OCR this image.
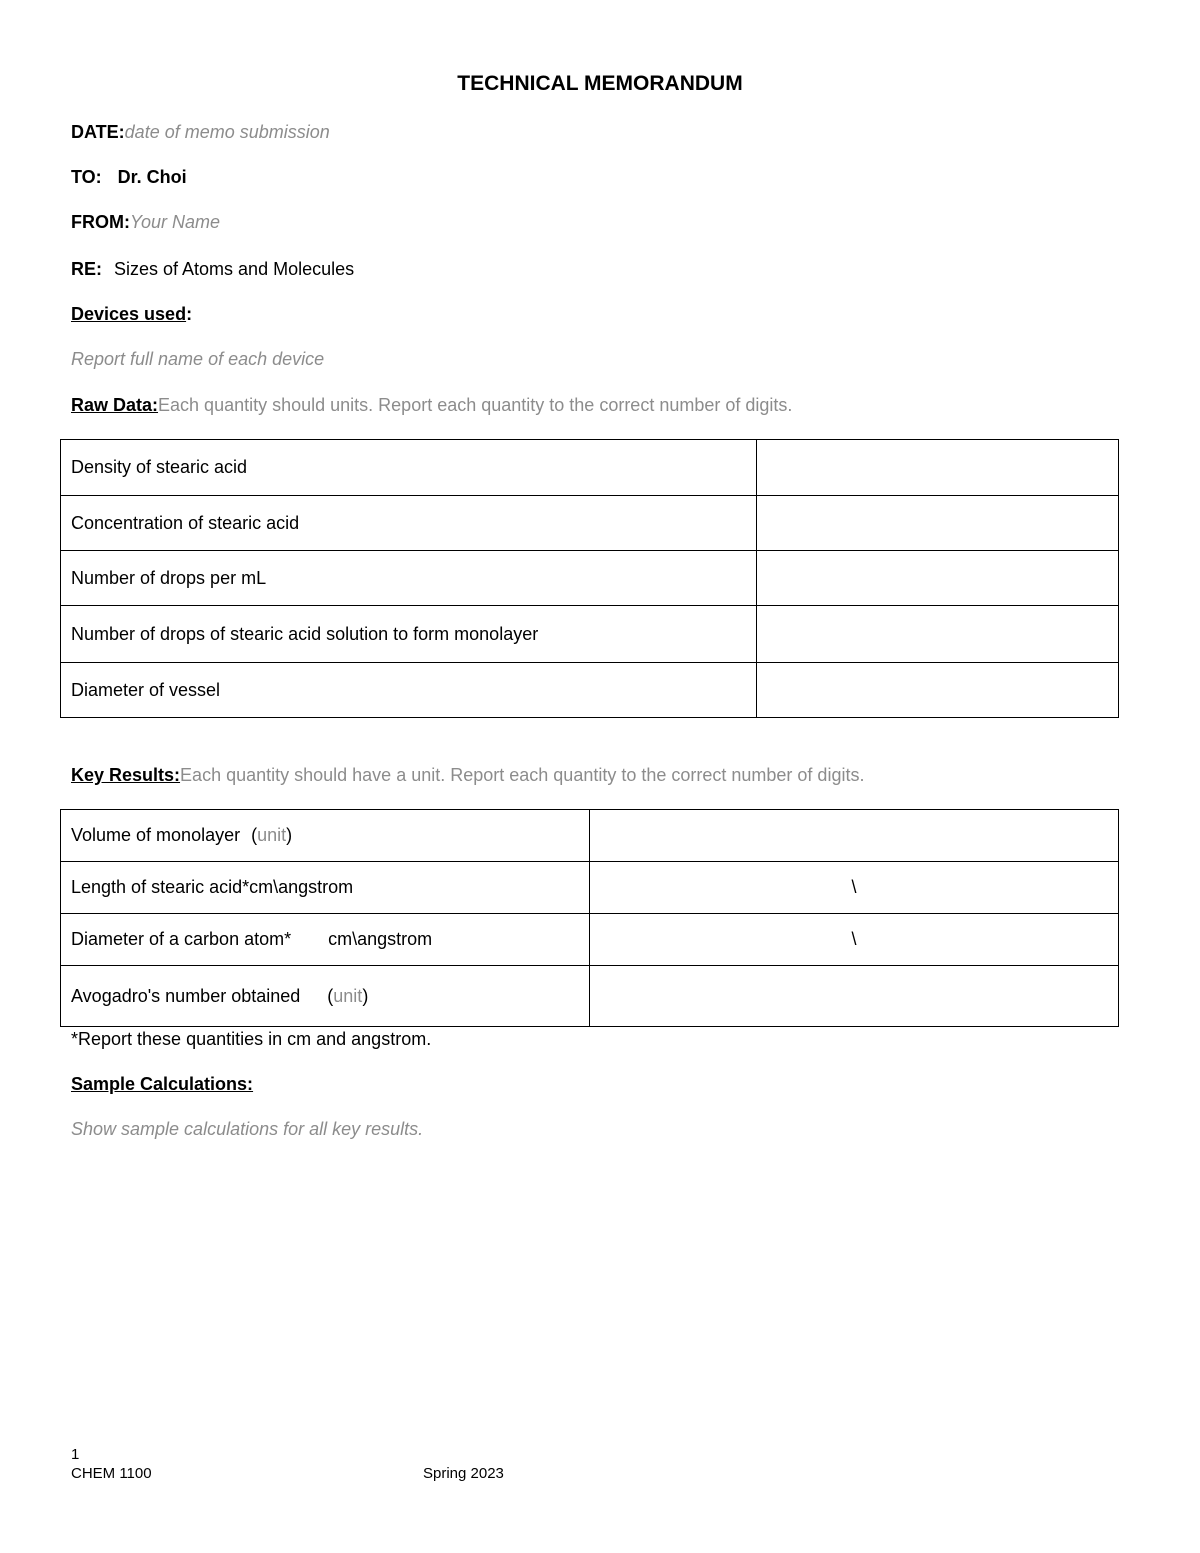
TECHNICAL MEMORANDUM
DATE:date of memo submission
TO: Dr. Choi
FROM:Your Name
RE: Sizes of Atoms and Molecules
Devices used:
Report full name of each device
Raw Data:Each quantity should units. Report each quantity to the correct number of digits.
Density of stearic acid	
Concentration of stearic acid	
Number of drops per mL	
Number of drops of stearic acid solution to form monolayer	
Diameter of vessel	
Key Results:Each quantity should have a unit. Report each quantity to the correct number of digits.
Volume of monolayer (unit)	
Length of stearic acid*cm\angstrom	\
Diameter of a carbon atom* cm\angstrom	\
Avogadro's number obtained (unit)	
*Report these quantities in cm and angstrom.
Sample Calculations:
Show sample calculations for all key results.
1
CHEM 1100	Spring 2023
